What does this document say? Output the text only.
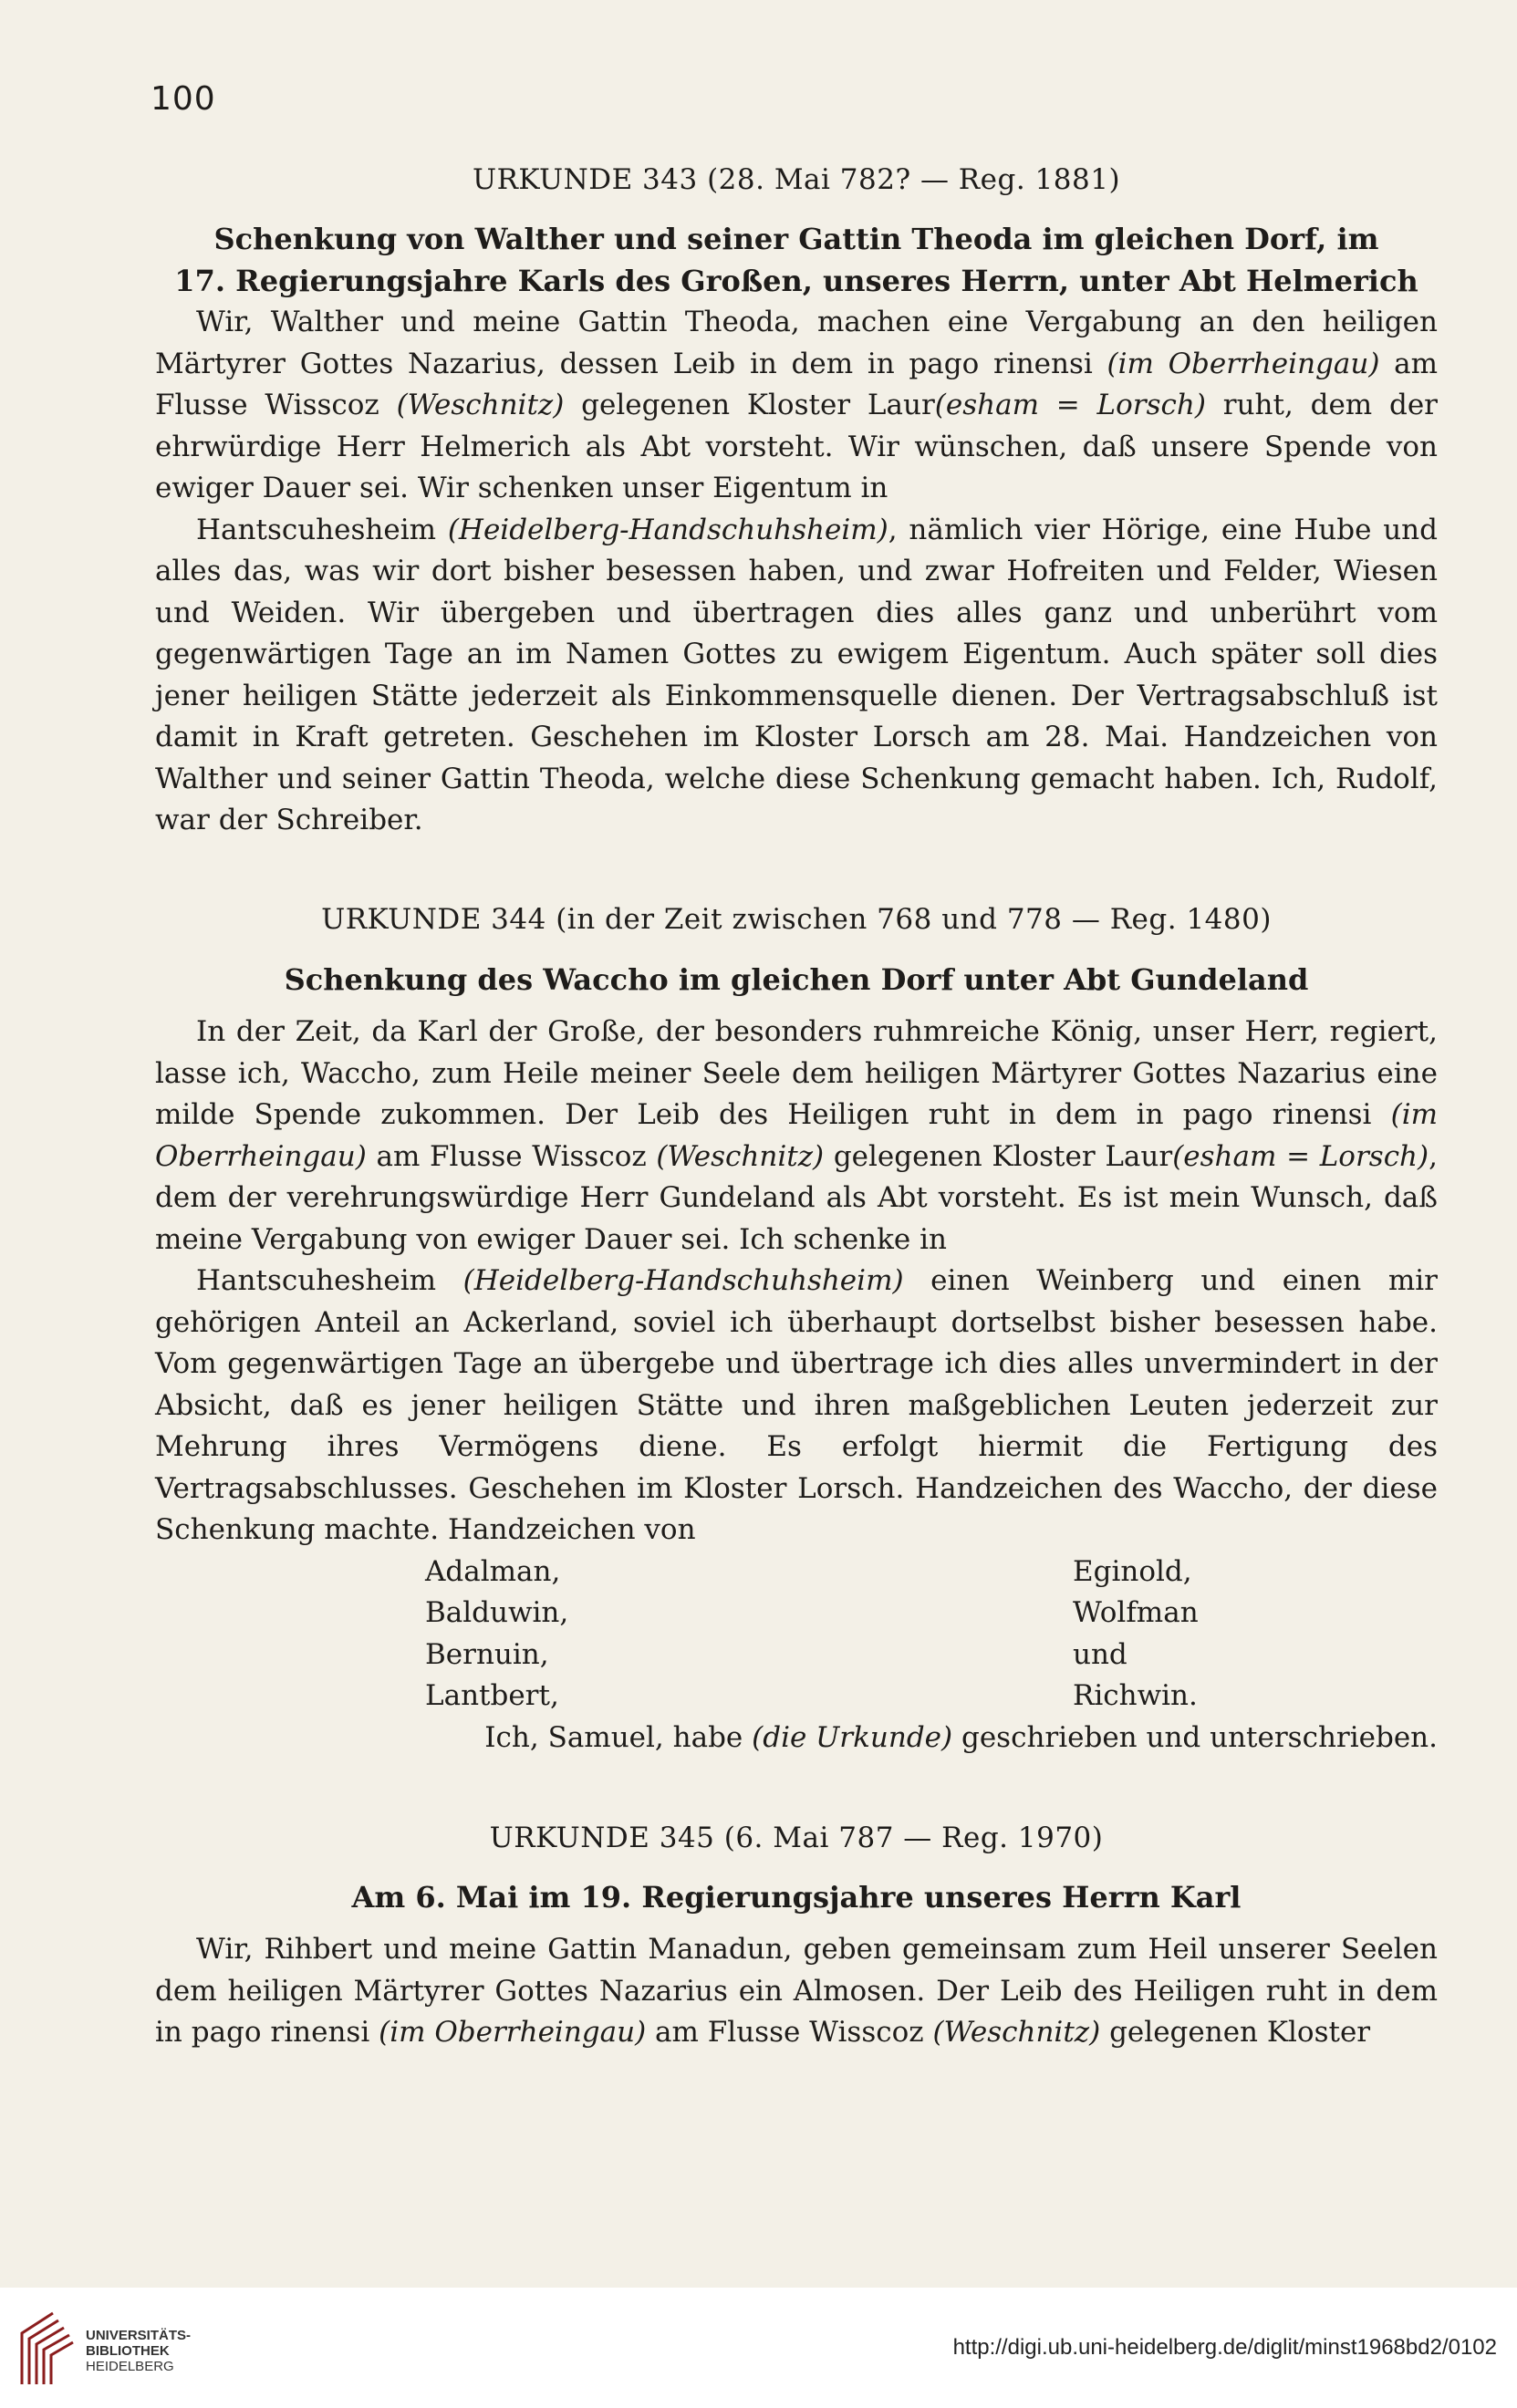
100

URKUNDE 343 (28. Mai 782? — Reg. 1881)

Schenkung von Walther und seiner Gattin Theoda im gleichen Dorf, im

17. Regierungsjahre Karls des Großen, unseres Herrn, unter Abt Helmerich

Wir, Walther und meine Gattin Theoda, machen eine Vergabung an den heiligen Märtyrer Gottes Nazarius, dessen Leib in dem in pago rinensi (im Oberrheingau) am Flusse Wisscoz (Weschnitz) gelegenen Kloster Laur(esham = Lorsch) ruht, dem der ehrwürdige Herr Helmerich als Abt vorsteht. Wir wünschen, daß unsere Spende von ewiger Dauer sei. Wir schenken unser Eigentum in

Hantscuhesheim (Heidelberg-Handschuhsheim), nämlich vier Hörige, eine Hube und alles das, was wir dort bisher besessen haben, und zwar Hofreiten und Felder, Wiesen und Weiden. Wir übergeben und übertragen dies alles ganz und unberührt vom gegenwärtigen Tage an im Namen Gottes zu ewigem Eigentum. Auch später soll dies jener heiligen Stätte jederzeit als Einkommensquelle dienen. Der Vertragsabschluß ist damit in Kraft getreten. Geschehen im Kloster Lorsch am 28. Mai. Handzeichen von Walther und seiner Gattin Theoda, welche diese Schenkung gemacht haben. Ich, Rudolf, war der Schreiber.

URKUNDE 344 (in der Zeit zwischen 768 und 778 — Reg. 1480)

Schenkung des Waccho im gleichen Dorf unter Abt Gundeland

In der Zeit, da Karl der Große, der besonders ruhmreiche König, unser Herr, regiert, lasse ich, Waccho, zum Heile meiner Seele dem heiligen Märtyrer Gottes Nazarius eine milde Spende zukommen. Der Leib des Heiligen ruht in dem in pago rinensi (im Oberrheingau) am Flusse Wisscoz (Weschnitz) gelegenen Kloster Laur(esham = Lorsch), dem der verehrungswürdige Herr Gundeland als Abt vorsteht. Es ist mein Wunsch, daß meine Vergabung von ewiger Dauer sei. Ich schenke in

Hantscuhesheim (Heidelberg-Handschuhsheim) einen Weinberg und einen mir gehörigen Anteil an Ackerland, soviel ich überhaupt dortselbst bisher besessen habe. Vom gegenwärtigen Tage an übergebe und übertrage ich dies alles unvermindert in der Absicht, daß es jener heiligen Stätte und ihren maßgeblichen Leuten jederzeit zur Mehrung ihres Vermögens diene. Es erfolgt hiermit die Fertigung des Vertragsabschlusses. Geschehen im Kloster Lorsch. Handzeichen des Waccho, der diese Schenkung machte. Handzeichen von

Adalman,
Balduwin,
Bernuin,
Lantbert,
Eginold,
Wolfman
und
Richwin.

Ich, Samuel, habe (die Urkunde) geschrieben und unterschrieben.

URKUNDE 345 (6. Mai 787 — Reg. 1970)

Am 6. Mai im 19. Regierungsjahre unseres Herrn Karl

Wir, Rihbert und meine Gattin Manadun, geben gemeinsam zum Heil unserer Seelen dem heiligen Märtyrer Gottes Nazarius ein Almosen. Der Leib des Heiligen ruht in dem in pago rinensi (im Oberrheingau) am Flusse Wisscoz (Weschnitz) gelegenen Kloster

UNIVERSITÄTS-
BIBLIOTHEK
HEIDELBERG
http://digi.ub.uni-heidelberg.de/diglit/minst1968bd2/0102
